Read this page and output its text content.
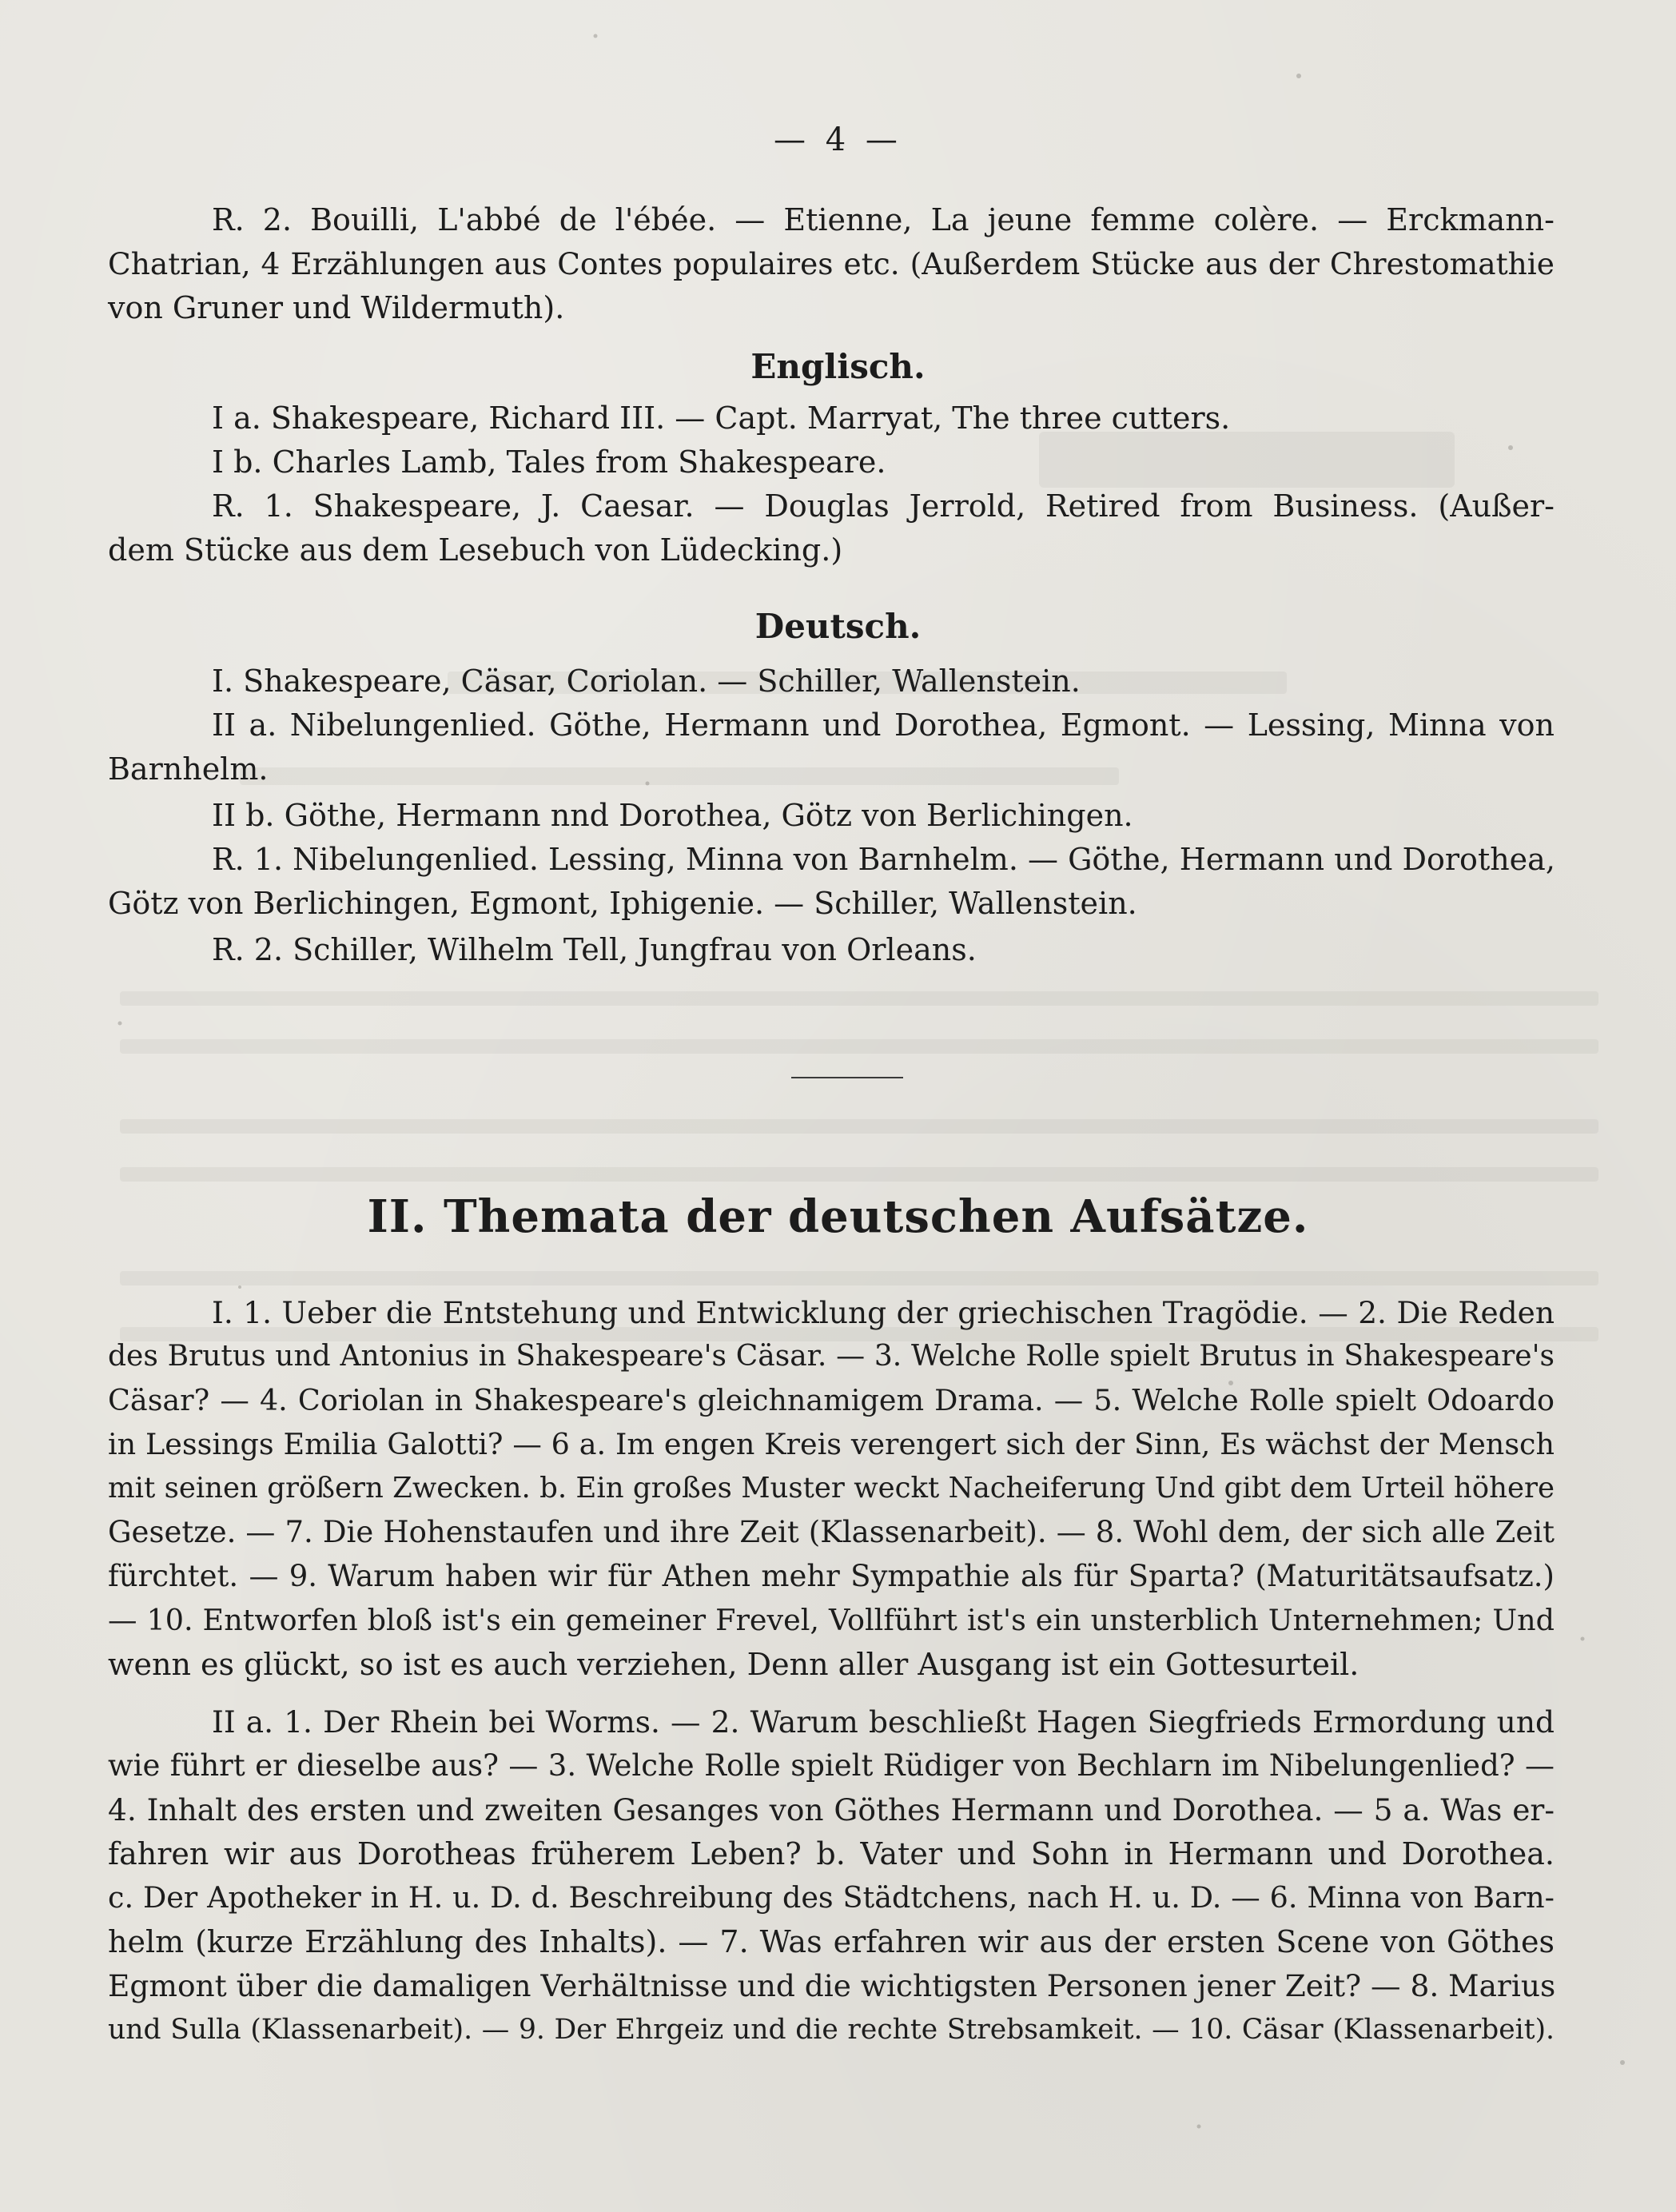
— 4 —
R. 2. Bouilli, L'abbé de l'ébée. — Etienne, La jeune femme colère. — Erckmann-
Chatrian, 4 Erzählungen aus Contes populaires etc. (Außerdem Stücke aus der Chrestomathie
von Gruner und Wildermuth).
Englisch.
I a. Shakespeare, Richard III. — Capt. Marryat, The three cutters.
I b. Charles Lamb, Tales from Shakespeare.
R. 1. Shakespeare, J. Caesar. — Douglas Jerrold, Retired from Business. (Außer-
dem Stücke aus dem Lesebuch von Lüdecking.)
Deutsch.
I. Shakespeare, Cäsar, Coriolan. — Schiller, Wallenstein.
II a. Nibelungenlied. Göthe, Hermann und Dorothea, Egmont. — Lessing, Minna von
Barnhelm.
II b. Göthe, Hermann nnd Dorothea, Götz von Berlichingen.
R. 1. Nibelungenlied. Lessing, Minna von Barnhelm. — Göthe, Hermann und Dorothea,
Götz von Berlichingen, Egmont, Iphigenie. — Schiller, Wallenstein.
R. 2. Schiller, Wilhelm Tell, Jungfrau von Orleans.
II. Themata der deutschen Aufsätze.
I. 1. Ueber die Entstehung und Entwicklung der griechischen Tragödie. — 2. Die Reden
des Brutus und Antonius in Shakespeare's Cäsar. — 3. Welche Rolle spielt Brutus in Shakespeare's
Cäsar? — 4. Coriolan in Shakespeare's gleichnamigem Drama. — 5. Welche Rolle spielt Odoardo
in Lessings Emilia Galotti? — 6 a. Im engen Kreis verengert sich der Sinn, Es wächst der Mensch
mit seinen größern Zwecken. b. Ein großes Muster weckt Nacheiferung Und gibt dem Urteil höhere
Gesetze. — 7. Die Hohenstaufen und ihre Zeit (Klassenarbeit). — 8. Wohl dem, der sich alle Zeit
fürchtet. — 9. Warum haben wir für Athen mehr Sympathie als für Sparta? (Maturitätsaufsatz.)
— 10. Entworfen bloß ist's ein gemeiner Frevel, Vollführt ist's ein unsterblich Unternehmen; Und
wenn es glückt, so ist es auch verziehen, Denn aller Ausgang ist ein Gottesurteil.
II a. 1. Der Rhein bei Worms. — 2. Warum beschließt Hagen Siegfrieds Ermordung und
wie führt er dieselbe aus? — 3. Welche Rolle spielt Rüdiger von Bechlarn im Nibelungenlied? —
4. Inhalt des ersten und zweiten Gesanges von Göthes Hermann und Dorothea. — 5 a. Was er-
fahren wir aus Dorotheas früherem Leben? b. Vater und Sohn in Hermann und Dorothea.
c. Der Apotheker in H. u. D. d. Beschreibung des Städtchens, nach H. u. D. — 6. Minna von Barn-
helm (kurze Erzählung des Inhalts). — 7. Was erfahren wir aus der ersten Scene von Göthes
Egmont über die damaligen Verhältnisse und die wichtigsten Personen jener Zeit? — 8. Marius
und Sulla (Klassenarbeit). — 9. Der Ehrgeiz und die rechte Strebsamkeit. — 10. Cäsar (Klassenarbeit).
